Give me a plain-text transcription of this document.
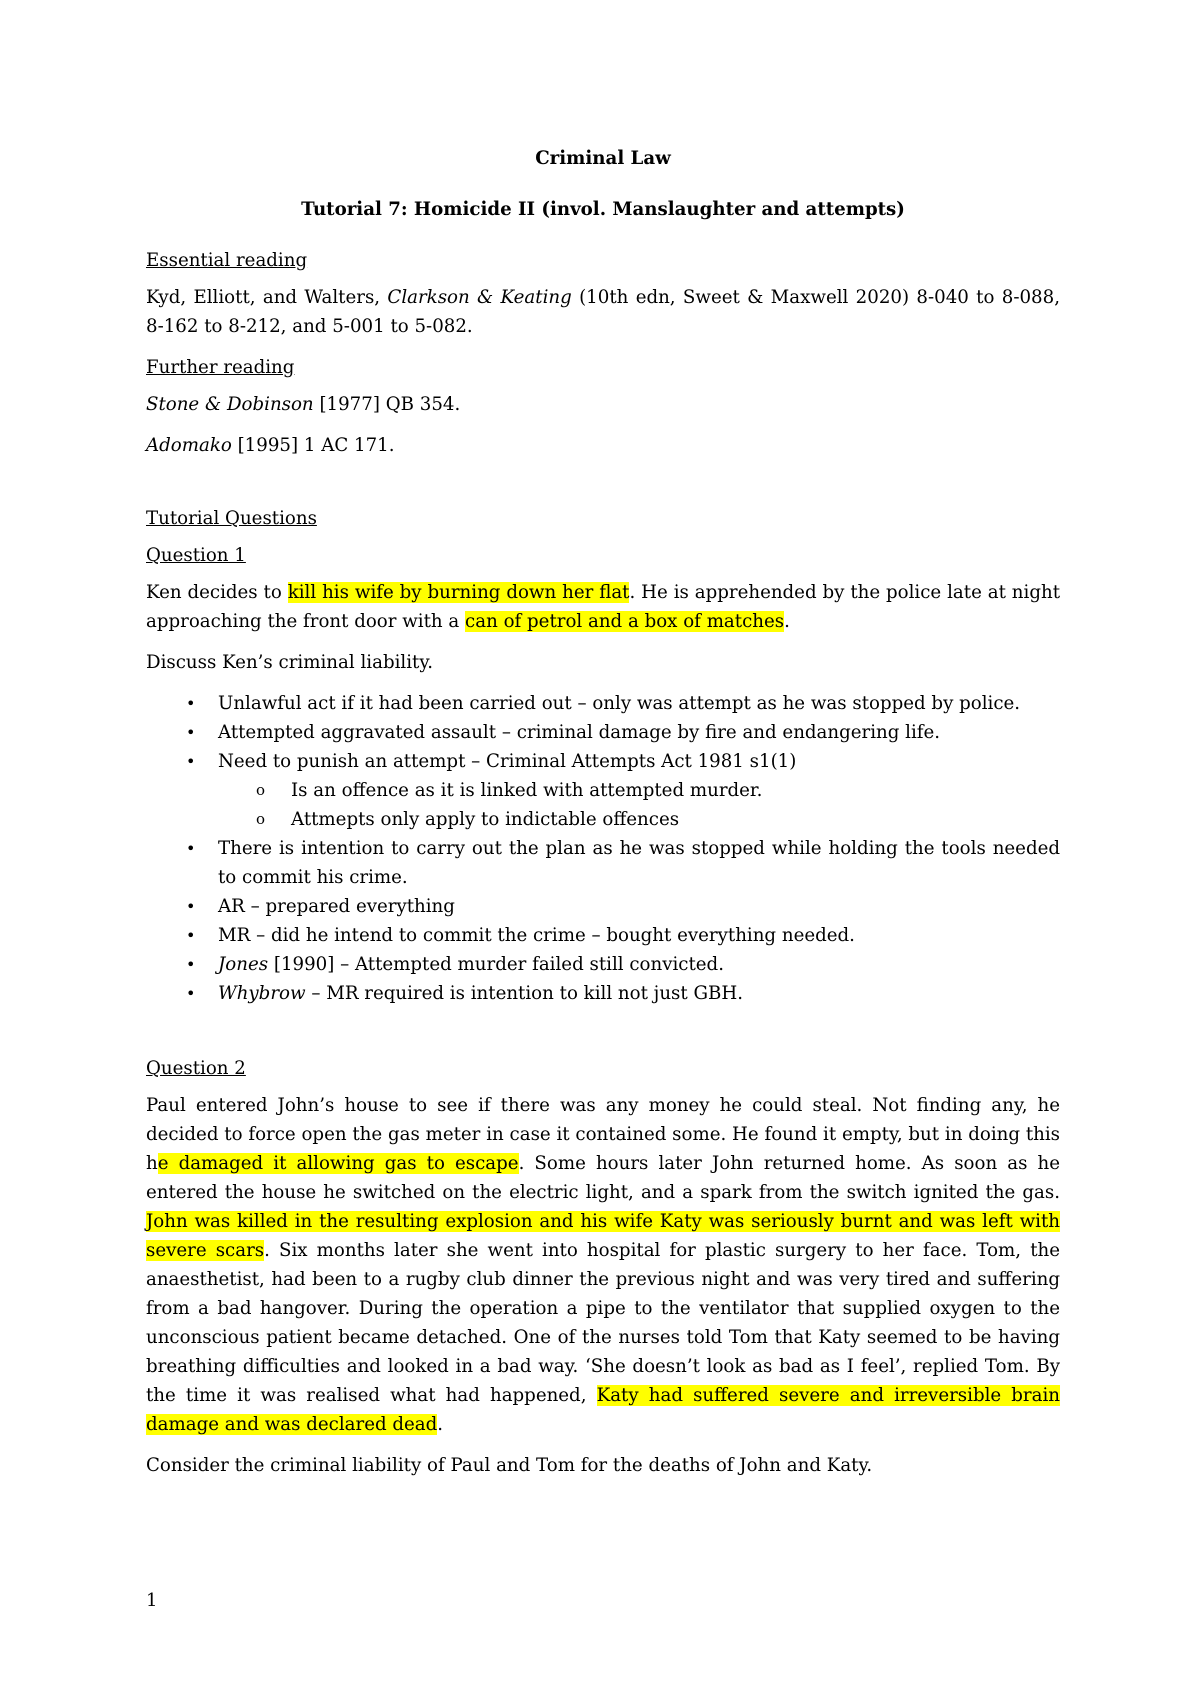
Criminal Law

Tutorial 7: Homicide II (invol. Manslaughter and attempts)

Essential reading

Kyd, Elliott, and Walters, Clarkson & Keating (10th edn, Sweet & Maxwell 2020) 8-040 to 8-088, 8-162 to 8-212, and 5-001 to 5-082.

Further reading

Stone & Dobinson [1977] QB 354.

Adomako [1995] 1 AC 171.

Tutorial Questions

Question 1

Ken decides to kill his wife by burning down her flat. He is apprehended by the police late at night approaching the front door with a can of petrol and a box of matches.

Discuss Ken’s criminal liability.

• Unlawful act if it had been carried out – only was attempt as he was stopped by police.
• Attempted aggravated assault – criminal damage by fire and endangering life.
• Need to punish an attempt – Criminal Attempts Act 1981 s1(1)
o Is an offence as it is linked with attempted murder.
o Attmepts only apply to indictable offences
• There is intention to carry out the plan as he was stopped while holding the tools needed to commit his crime.
• AR – prepared everything
• MR – did he intend to commit the crime – bought everything needed.
• Jones [1990] – Attempted murder failed still convicted.
• Whybrow – MR required is intention to kill not just GBH.

Question 2

Paul entered John’s house to see if there was any money he could steal. Not finding any, he decided to force open the gas meter in case it contained some. He found it empty, but in doing this he damaged it allowing gas to escape. Some hours later John returned home. As soon as he entered the house he switched on the electric light, and a spark from the switch ignited the gas. John was killed in the resulting explosion and his wife Katy was seriously burnt and was left with severe scars. Six months later she went into hospital for plastic surgery to her face. Tom, the anaesthetist, had been to a rugby club dinner the previous night and was very tired and suffering from a bad hangover. During the operation a pipe to the ventilator that supplied oxygen to the unconscious patient became detached. One of the nurses told Tom that Katy seemed to be having breathing difficulties and looked in a bad way. ‘She doesn’t look as bad as I feel’, replied Tom. By the time it was realised what had happened, Katy had suffered severe and irreversible brain damage and was declared dead.

Consider the criminal liability of Paul and Tom for the deaths of John and Katy.

1
